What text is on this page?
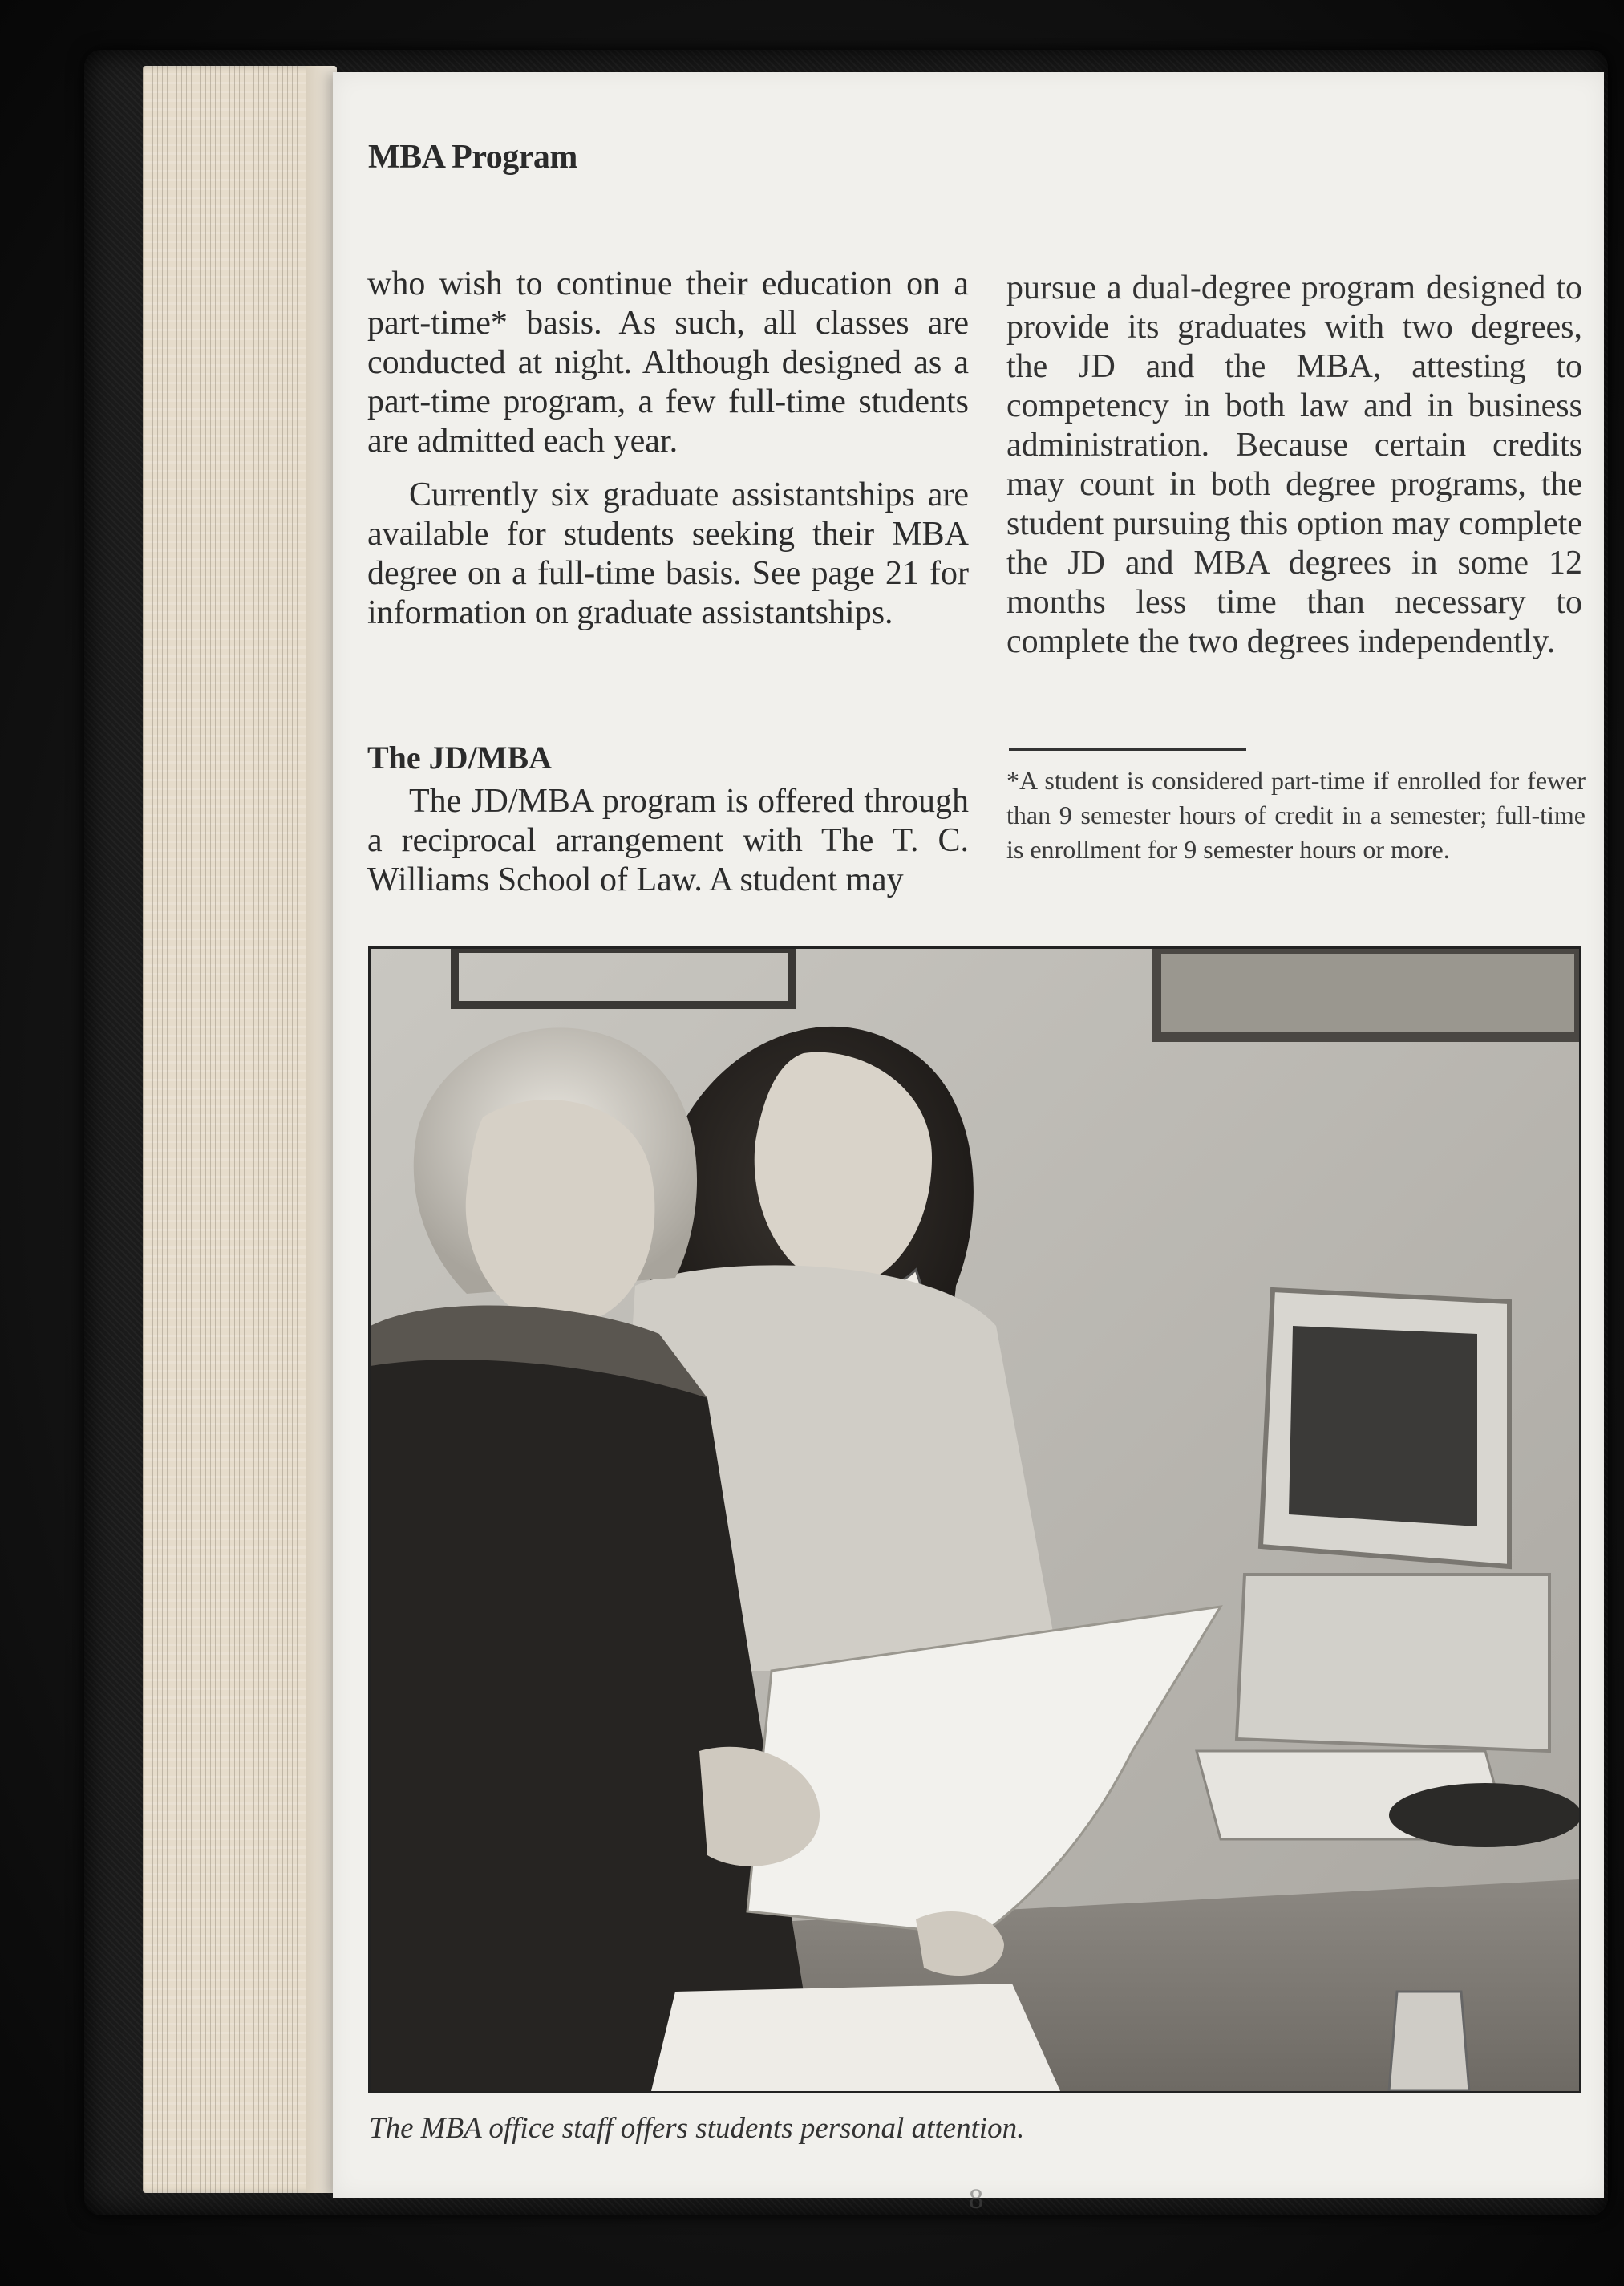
MBA Program

who wish to continue their education on a part-time* basis. As such, all classes are conducted at night. Although designed as a part-time program, a few full-time students are admitted each year.

Currently six graduate assistantships are available for students seeking their MBA degree on a full-time basis. See page 21 for information on graduate assistantships.

The JD/MBA

The JD/MBA program is offered through a reciprocal arrangement with The T. C. Williams School of Law. A student may

pursue a dual-degree program designed to provide its graduates with two degrees, the JD and the MBA, attesting to competency in both law and in business administration. Because certain credits may count in both degree programs, the student pursuing this option may complete the JD and MBA degrees in some 12 months less time than necessary to complete the two degrees independently.

*A student is considered part-time if enrolled for fewer than 9 semester hours of credit in a semester; full-time is enrollment for 9 semester hours or more.

The MBA office staff offers students personal attention.

8
